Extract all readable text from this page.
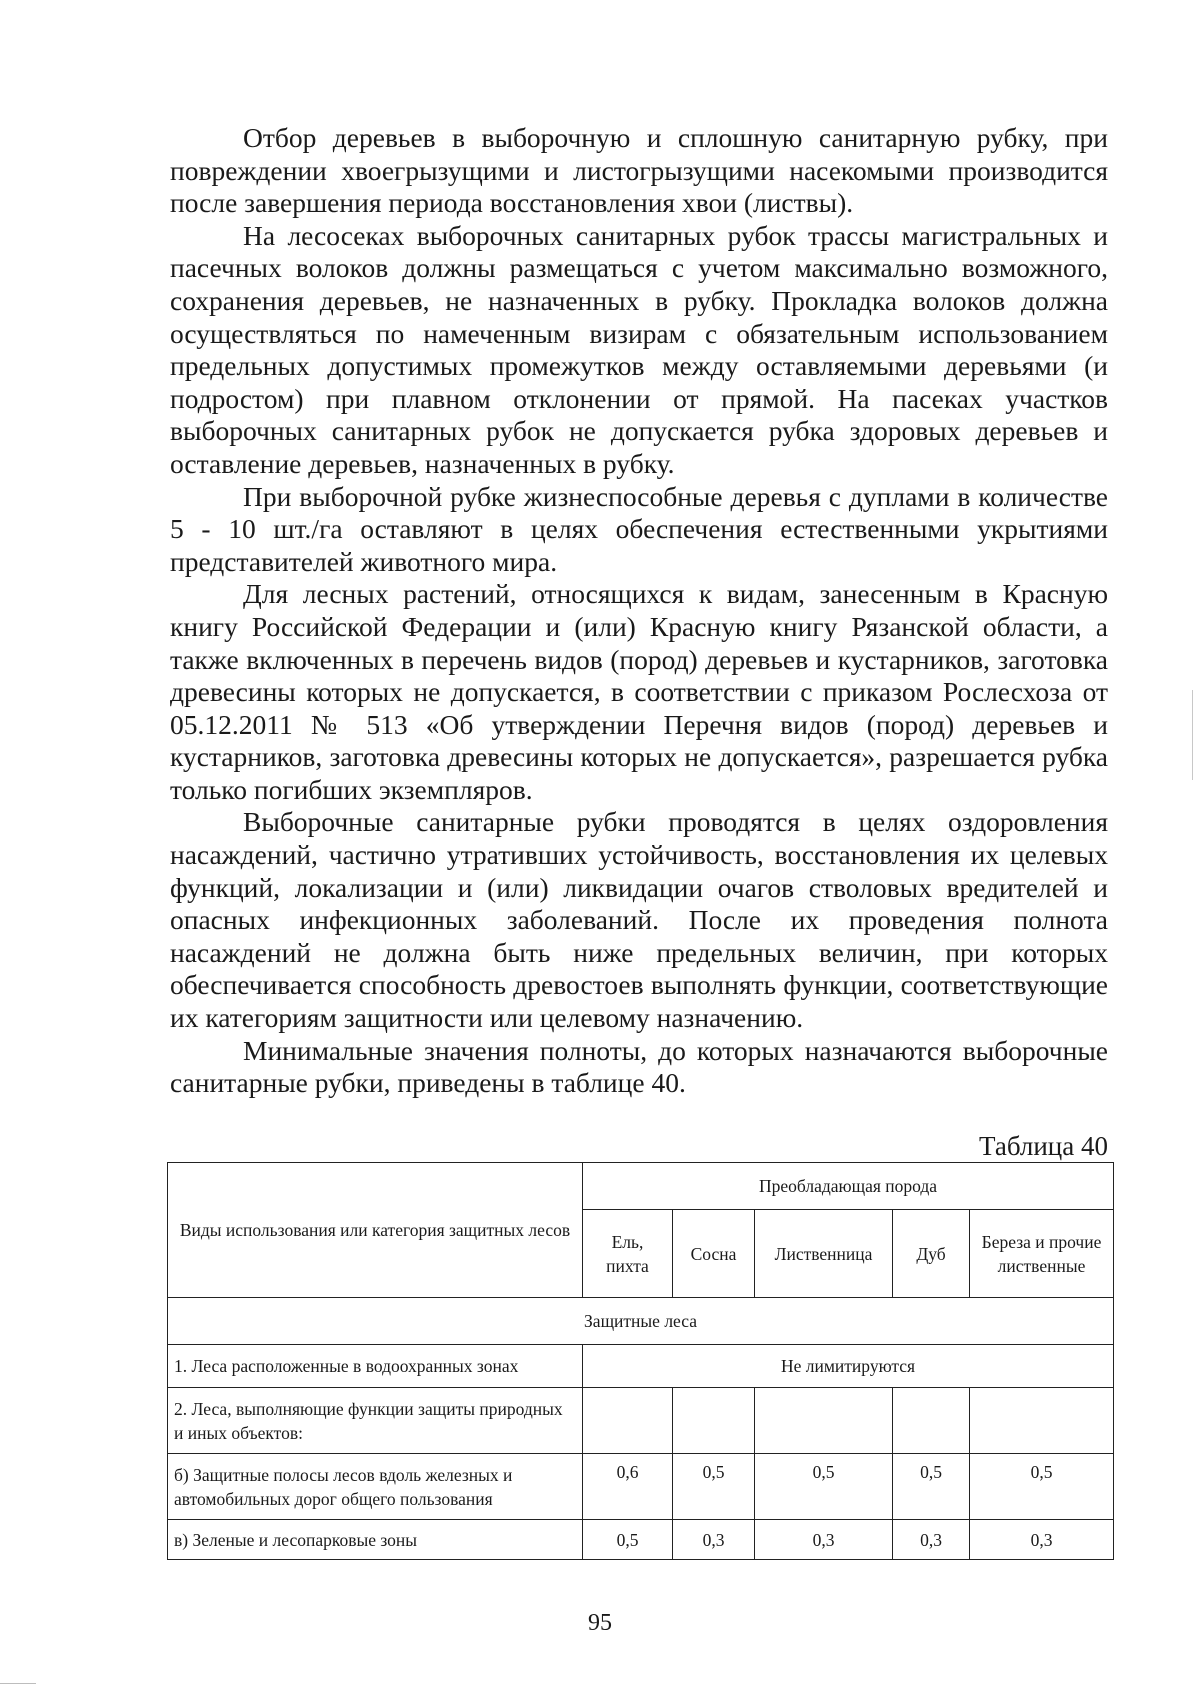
Отбор деревьев в выборочную и сплошную санитарную рубку, при повреждении хвоегрызущими и листогрызущими насекомыми производится после завершения периода восстановления хвои (листвы).

На лесосеках выборочных санитарных рубок трассы магистральных и пасечных волоков должны размещаться с учетом максимально возможного, сохранения деревьев, не назначенных в рубку. Прокладка волоков должна осуществляться по намеченным визирам с обязательным использованием предельных допустимых промежутков между оставляемыми деревьями (и подростом) при плавном отклонении от прямой. На пасеках участков выборочных санитарных рубок не допускается рубка здоровых деревьев и оставление деревьев, назначенных в рубку.

При выборочной рубке жизнеспособные деревья с дуплами в количестве 5 - 10 шт./га оставляют в целях обеспечения естественными укрытиями представителей животного мира.

Для лесных растений, относящихся к видам, занесенным в Красную книгу Российской Федерации и (или) Красную книгу Рязанской области, а также включенных в перечень видов (пород) деревьев и кустарников, заготовка древесины которых не допускается, в соответствии с приказом Рослесхоза от 05.12.2011 № 513 «Об утверждении Перечня видов (пород) деревьев и кустарников, заготовка древесины которых не допускается», разрешается рубка только погибших экземпляров.

Выборочные санитарные рубки проводятся в целях оздоровления насаждений, частично утративших устойчивость, восстановления их целевых функций, локализации и (или) ликвидации очагов стволовых вредителей и опасных инфекционных заболеваний. После их проведения полнота насаждений не должна быть ниже предельных величин, при которых обеспечивается способность древостоев выполнять функции, соответствующие их категориям защитности или целевому назначению.

Минимальные значения полноты, до которых назначаются выборочные санитарные рубки, приведены в таблице 40.

Таблица 40
Виды использования или категория защитных лесов	Преобладающая порода				
	Ель, пихта	Сосна	Лиственница	Дуб	Береза и прочие лиственные
Защитные леса					
1. Леса расположенные в водоохранных зонах	Не лимитируются				
2. Леса, выполняющие функции защиты природных и иных объектов:					
б) Защитные полосы лесов вдоль железных и автомобильных дорог общего пользования	0,6	0,5	0,5	0,5	0,5
в) Зеленые и лесопарковые зоны	0,5	0,3	0,3	0,3	0,3
95
